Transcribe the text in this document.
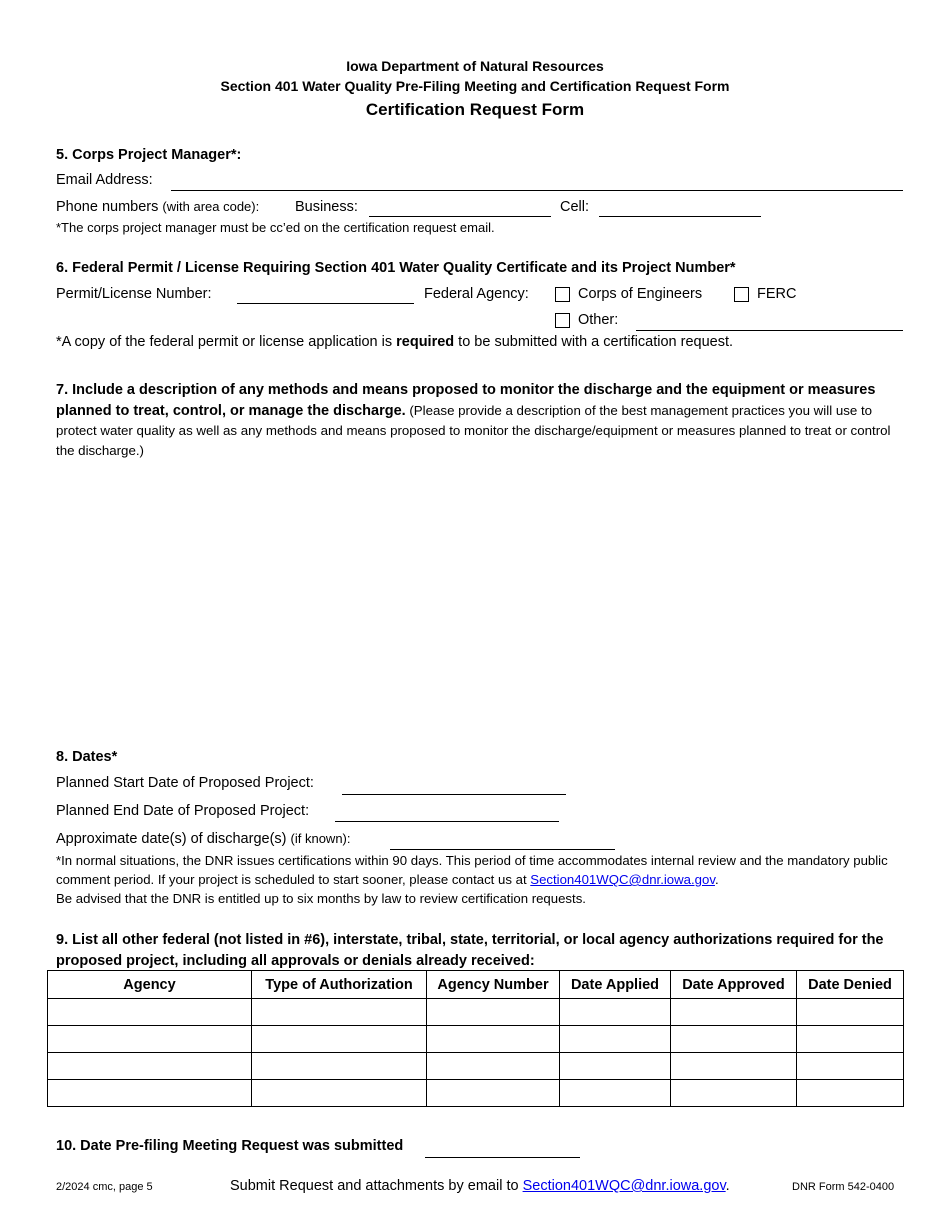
Iowa Department of Natural Resources
Section 401 Water Quality Pre-Filing Meeting and Certification Request Form
Certification Request Form
5. Corps Project Manager*:
Email Address:
Phone numbers (with area code): Business:	Cell:
*The corps project manager must be cc’ed on the certification request email.
6. Federal Permit / License Requiring Section 401 Water Quality Certificate and its Project Number*
Permit/License Number:	Federal Agency:	Corps of Engineers	FERC
Other:
*A copy of the federal permit or license application is required to be submitted with a certification request.
7. Include a description of any methods and means proposed to monitor the discharge and the equipment or measures planned to treat, control, or manage the discharge. (Please provide a description of the best management practices you will use to protect water quality as well as any methods and means proposed to monitor the discharge/equipment or measures planned to treat or control the discharge.)
8. Dates*
Planned Start Date of Proposed Project:
Planned End Date of Proposed Project:
Approximate date(s) of discharge(s) (if known):
*In normal situations, the DNR issues certifications within 90 days. This period of time accommodates internal review and the mandatory public comment period. If your project is scheduled to start sooner, please contact us at Section401WQC@dnr.iowa.gov.
Be advised that the DNR is entitled up to six months by law to review certification requests.
9. List all other federal (not listed in #6), interstate, tribal, state, territorial, or local agency authorizations required for the proposed project, including all approvals or denials already received:
Agency	Type of Authorization	Agency Number	Date Applied	Date Approved	Date Denied

10. Date Pre-filing Meeting Request was submitted
2/2024 cmc, page 5	Submit Request and attachments by email to Section401WQC@dnr.iowa.gov.	DNR Form 542-0400
